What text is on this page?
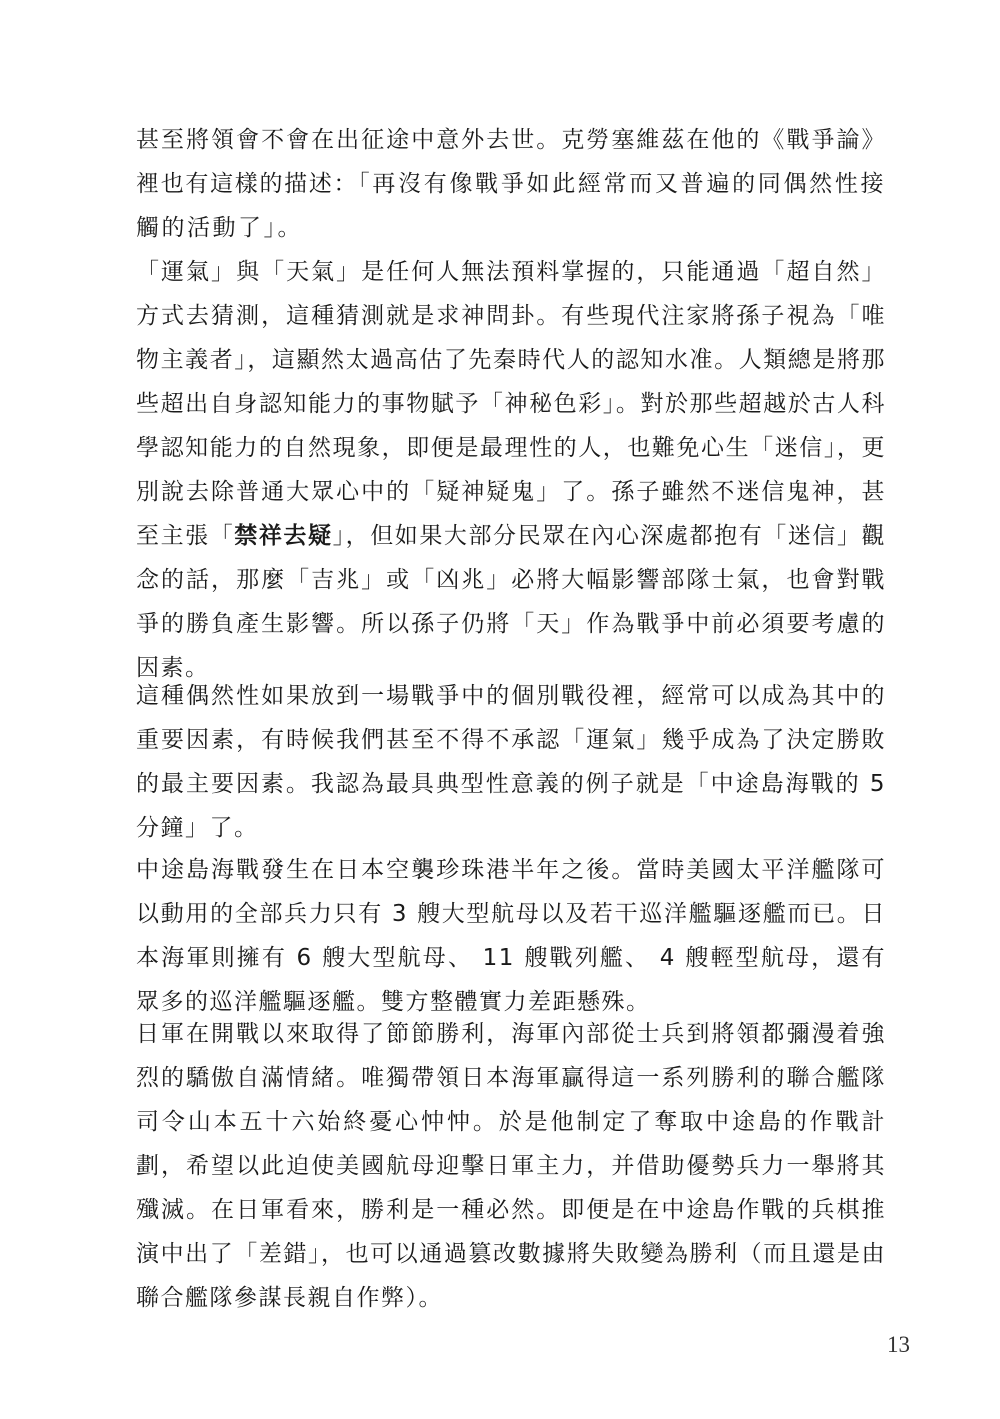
甚至將領會不會在出征途中意外去世。克勞塞維茲在他的《戰爭論》裡也有這樣的描述：「再沒有像戰爭如此經常而又普遍的同偶然性接觸的活動了」。

「運氣」與「天氣」是任何人無法預料掌握的，只能通過「超自然」方式去猜測，這種猜測就是求神問卦。有些現代注家將孫子視為「唯物主義者」，這顯然太過高估了先秦時代人的認知水准。人類總是將那些超出自身認知能力的事物賦予「神秘色彩」。對於那些超越於古人科學認知能力的自然現象，即便是最理性的人，也難免心生「迷信」，更別說去除普通大眾心中的「疑神疑鬼」了。孫子雖然不迷信鬼神，甚至主張「禁祥去疑」，但如果大部分民眾在內心深處都抱有「迷信」觀念的話，那麼「吉兆」或「凶兆」必將大幅影響部隊士氣，也會對戰爭的勝負產生影響。所以孫子仍將「天」作為戰爭中前必須要考慮的因素。

這種偶然性如果放到一場戰爭中的個別戰役裡，經常可以成為其中的重要因素，有時候我們甚至不得不承認「運氣」幾乎成為了決定勝敗的最主要因素。我認為最具典型性意義的例子就是「中途島海戰的 5 分鐘」了。

中途島海戰發生在日本空襲珍珠港半年之後。當時美國太平洋艦隊可以動用的全部兵力只有 3 艘大型航母以及若干巡洋艦驅逐艦而已。日本海軍則擁有 6 艘大型航母、 11 艘戰列艦、 4 艘輕型航母，還有眾多的巡洋艦驅逐艦。雙方整體實力差距懸殊。

日軍在開戰以來取得了節節勝利，海軍內部從士兵到將領都彌漫着強烈的驕傲自滿情緒。唯獨帶領日本海軍贏得這一系列勝利的聯合艦隊司令山本五十六始終憂心忡忡。於是他制定了奪取中途島的作戰計劃，希望以此迫使美國航母迎擊日軍主力，并借助優勢兵力一舉將其殲滅。在日軍看來，勝利是一種必然。即便是在中途島作戰的兵棋推演中出了「差錯」，也可以通過篡改數據將失敗變為勝利（而且還是由聯合艦隊參謀長親自作弊）。

13
